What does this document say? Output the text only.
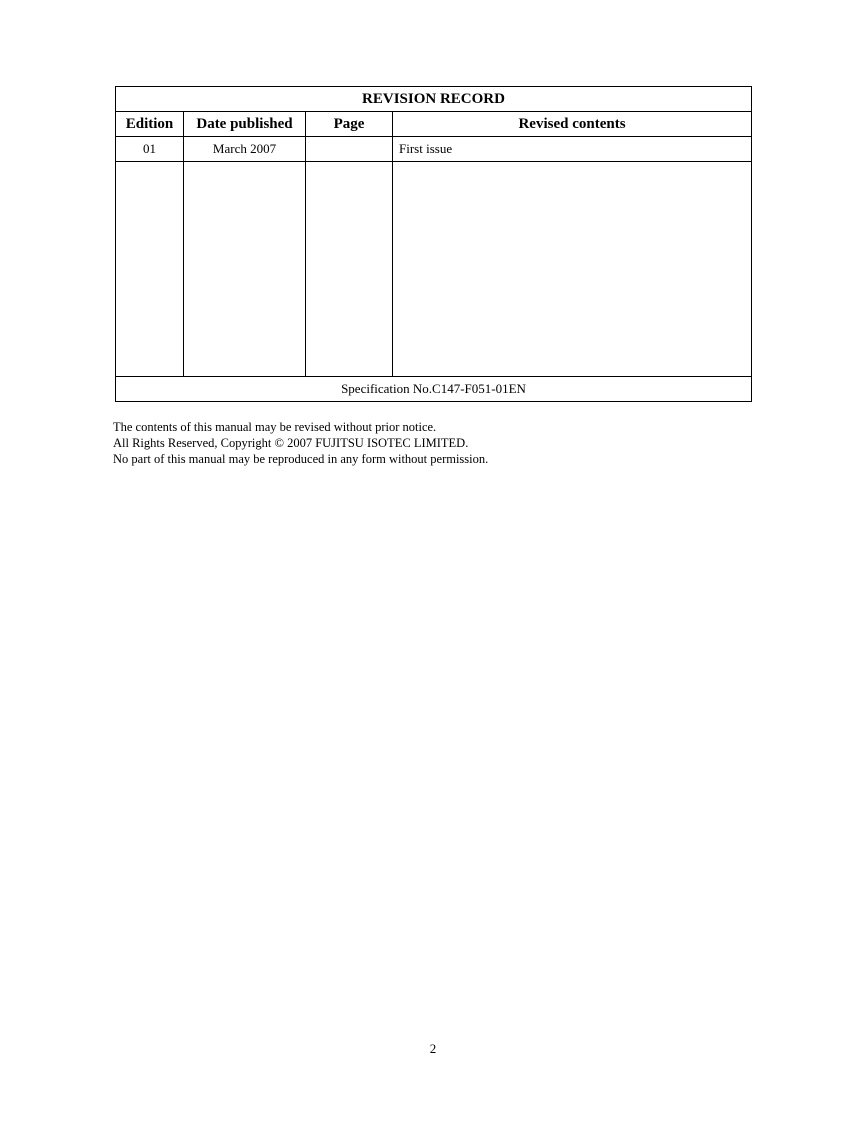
REVISION RECORD			
Edition	Date published	Page	Revised contents
01	March 2007		First issue

Specification No.C147-F051-01EN			
The contents of this manual may be revised without prior notice.
All Rights Reserved, Copyright © 2007 FUJITSU ISOTEC LIMITED.
No part of this manual may be reproduced in any form without permission.
2
